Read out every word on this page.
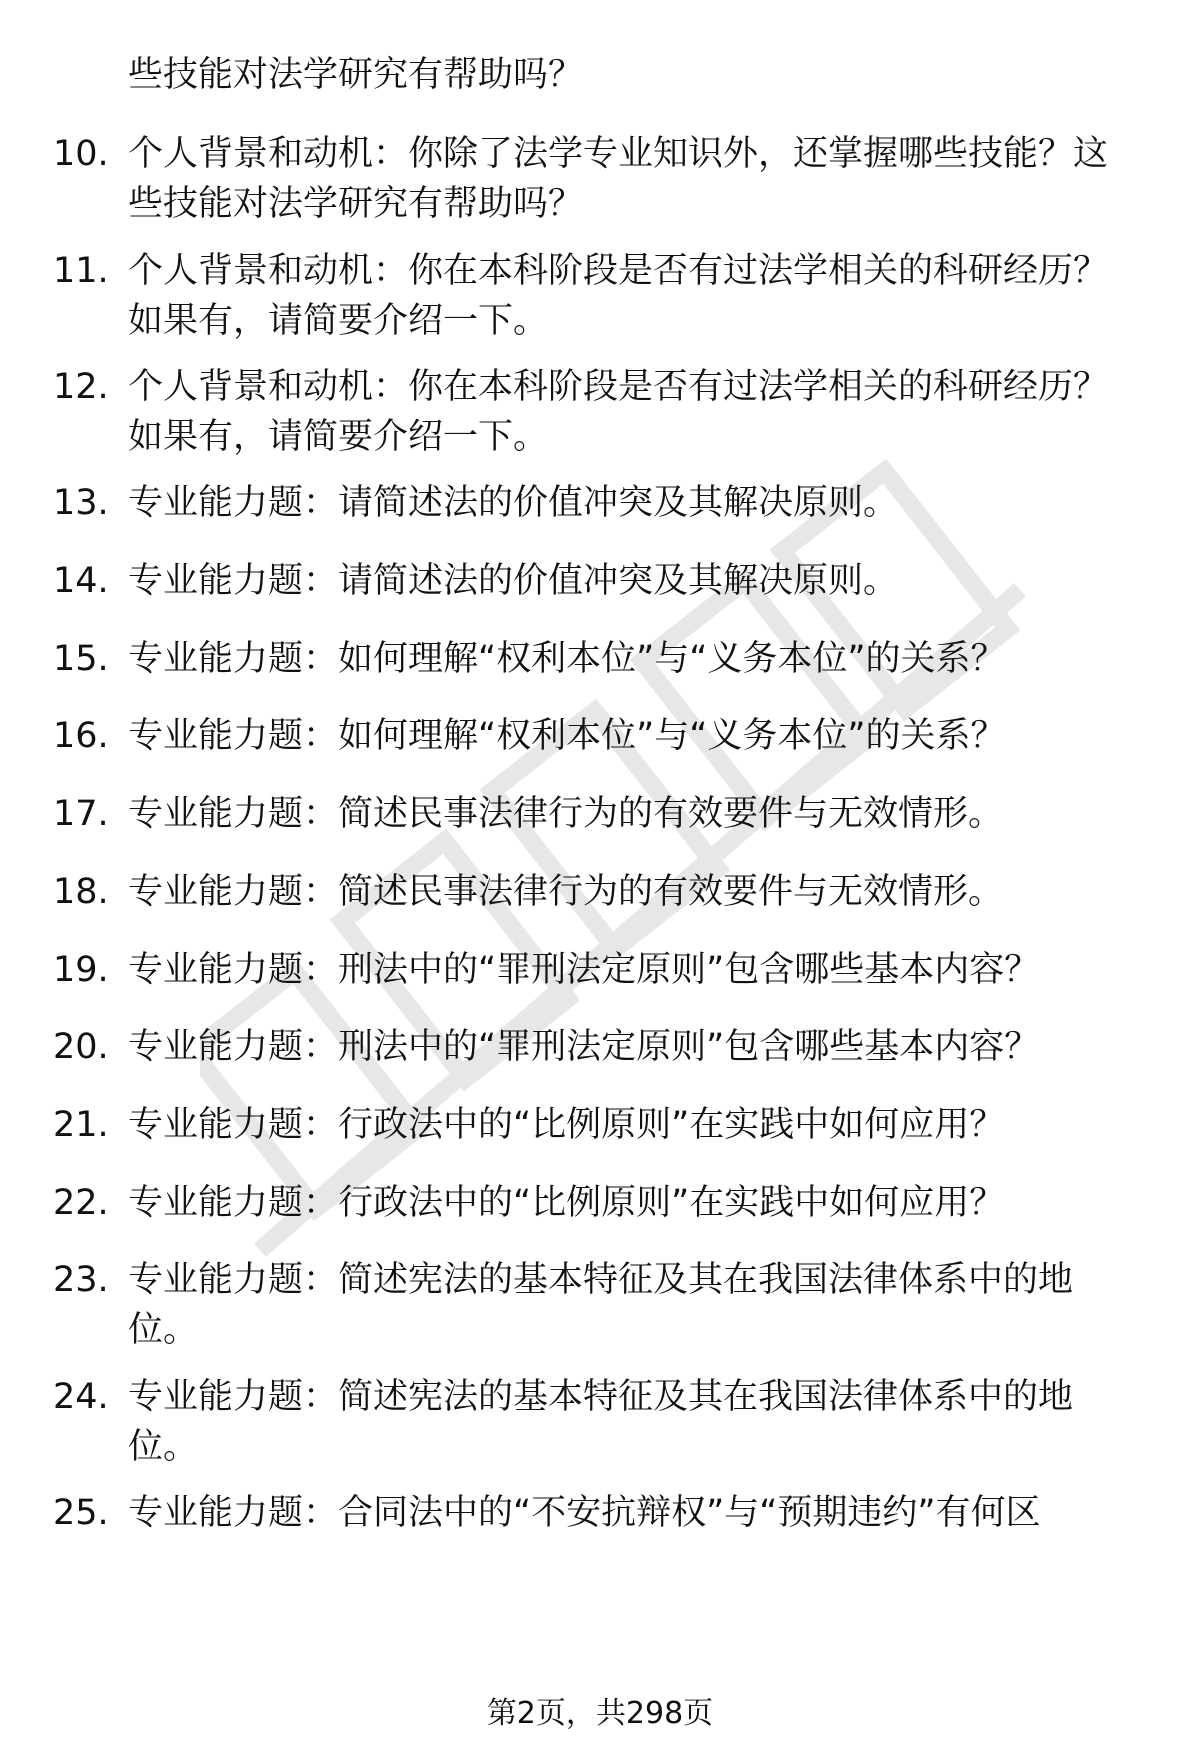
些技能对法学研究有帮助吗？
10. 个人背景和动机：你除了法学专业知识外，还掌握哪些技能？这
些技能对法学研究有帮助吗？
11. 个人背景和动机：你在本科阶段是否有过法学相关的科研经历？
如果有，请简要介绍一下。
12. 个人背景和动机：你在本科阶段是否有过法学相关的科研经历？
如果有，请简要介绍一下。
13. 专业能力题：请简述法的价值冲突及其解决原则。
14. 专业能力题：请简述法的价值冲突及其解决原则。
15. 专业能力题：如何理解“权利本位”与“义务本位”的关系？
16. 专业能力题：如何理解“权利本位”与“义务本位”的关系？
17. 专业能力题：简述民事法律行为的有效要件与无效情形。
18. 专业能力题：简述民事法律行为的有效要件与无效情形。
19. 专业能力题：刑法中的“罪刑法定原则”包含哪些基本内容？
20. 专业能力题：刑法中的“罪刑法定原则”包含哪些基本内容？
21. 专业能力题：行政法中的“比例原则”在实践中如何应用？
22. 专业能力题：行政法中的“比例原则”在实践中如何应用？
23. 专业能力题：简述宪法的基本特征及其在我国法律体系中的地
位。
24. 专业能力题：简述宪法的基本特征及其在我国法律体系中的地
位。
25. 专业能力题：合同法中的“不安抗辩权”与“预期违约”有何区
第2页，共298页
